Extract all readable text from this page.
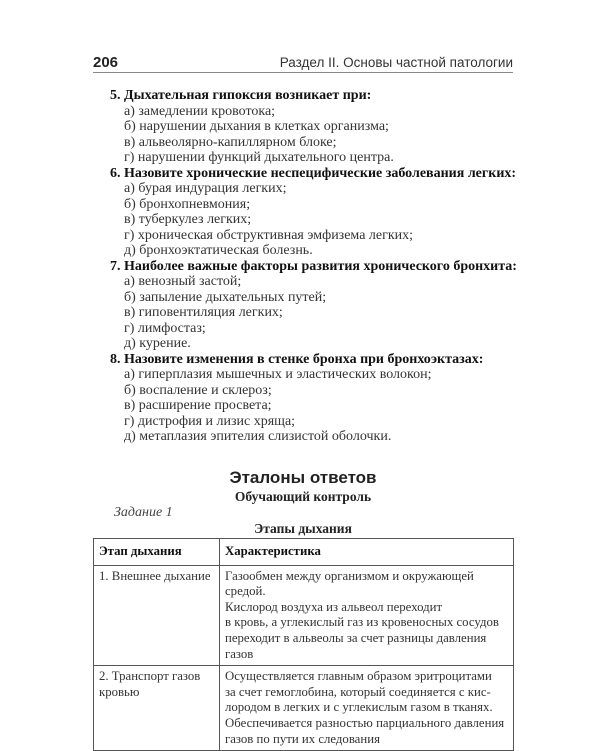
206	Раздел II. Основы частной патологии
5. Дыхательная гипоксия возникает при:
а) замедлении кровотока;
б) нарушении дыхания в клетках организма;
в) альвеолярно-капиллярном блоке;
г) нарушении функций дыхательного центра.
6. Назовите хронические неспецифические заболевания легких:
а) бурая индурация легких;
б) бронхопневмония;
в) туберкулез легких;
г) хроническая обструктивная эмфизема легких;
д) бронхоэктатическая болезнь.
7. Наиболее важные факторы развития хронического бронхита:
а) венозный застой;
б) запыление дыхательных путей;
в) гиповентиляция легких;
г) лимфостаз;
д) курение.
8. Назовите изменения в стенке бронха при бронхоэктазах:
а) гиперплазия мышечных и эластических волокон;
б) воспаление и склероз;
в) расширение просвета;
г) дистрофия и лизис хряща;
д) метаплазия эпителия слизистой оболочки.
Эталоны ответов
Обучающий контроль
Задание 1
Этапы дыхания
Этап дыхания	Характеристика

1. Внешнее дыхание	Газообмен между организмом и окружающей средой.
Кислород воздуха из альвеол переходит
в кровь, а углекислый газ из кровеносных сосудов
переходит в альвеолы за счет разницы давления газов

2. Транспорт газов
кровью	Осуществляется главным образом эритроцитами
за счет гемоглобина, который соединяется с кис-
лородом в легких и с углекислым газом в тканях.
Обеспечивается разностью парциального давления
газов по пути их следования
